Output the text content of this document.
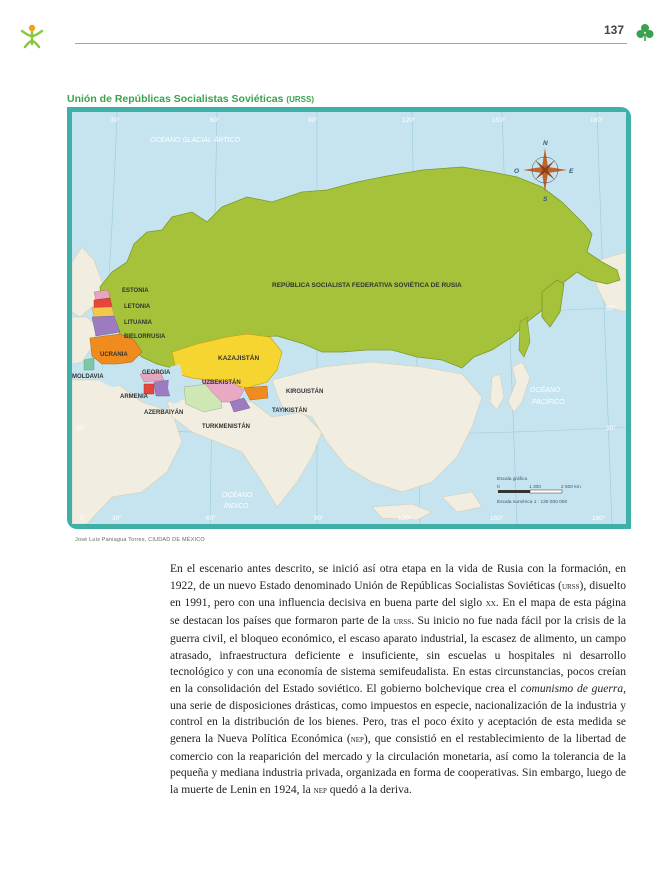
137
Unión de Repúblicas Socialistas Soviéticas (URSS)
REPÚBLICA SOCIALISTA FEDERATIVA SOVIÉTICA DE RUSIA
ESTONIA
LETONIA
LITUANIA
BIELORRUSIA
UCRANIA
MOLDAVIA
GEORGIA
ARMENIA
AZERBAIYÁN
KAZAJISTÁN
UZBEKISTÁN
KIRGUISTÁN
TAYIKISTÁN
TURKMENISTÁN
OCÉANO GLACIAL ÁRTICO
OCÉANO
PACÍFICO
OCÉANO
ÍNDICO
30°	60°	90°	120°	150°	180°
0°	30°	60°	90°	120°	150°	180°
60°
30°
30°
N
S
E
O
Escala gráfica
0	1 300	2 600 km
Escala numérica 1 : 130 000 000
José Luis Paniagua Torres, CIUDAD DE MÉXICO

En el escenario antes descrito, se inició así otra etapa en la vida de Rusia con la formación, en 1922, de un nuevo Estado denominado Unión de Repúblicas Socialistas Soviéticas (urss), disuelto en 1991, pero con una influencia decisiva en buena parte del siglo xx. En el mapa de esta página se destacan los países que formaron parte de la urss. Su inicio no fue nada fácil por la crisis de la guerra civil, el bloqueo económico, el escaso aparato industrial, la escasez de alimento, un campo atrasado, infraestructura deficiente e insuficiente, sin escuelas u hospitales ni desarrollo tecnológico y con una economía de sistema semifeudalista. En estas circunstancias, pocos creían en la consolidación del Estado soviético. El gobierno bolchevique crea el comunismo de guerra, una serie de disposiciones drásticas, como impuestos en especie, nacionalización de la industria y control en la distribución de los bienes. Pero, tras el poco éxito y aceptación de esta medida se genera la Nueva Política Económica (nep), que consistió en el restablecimiento de la libertad de comercio con la reaparición del mercado y la circulación monetaria, así como la tolerancia de la pequeña y mediana industria privada, organizada en forma de cooperativas. Sin embargo, luego de la muerte de Lenin en 1924, la nep quedó a la deriva.
